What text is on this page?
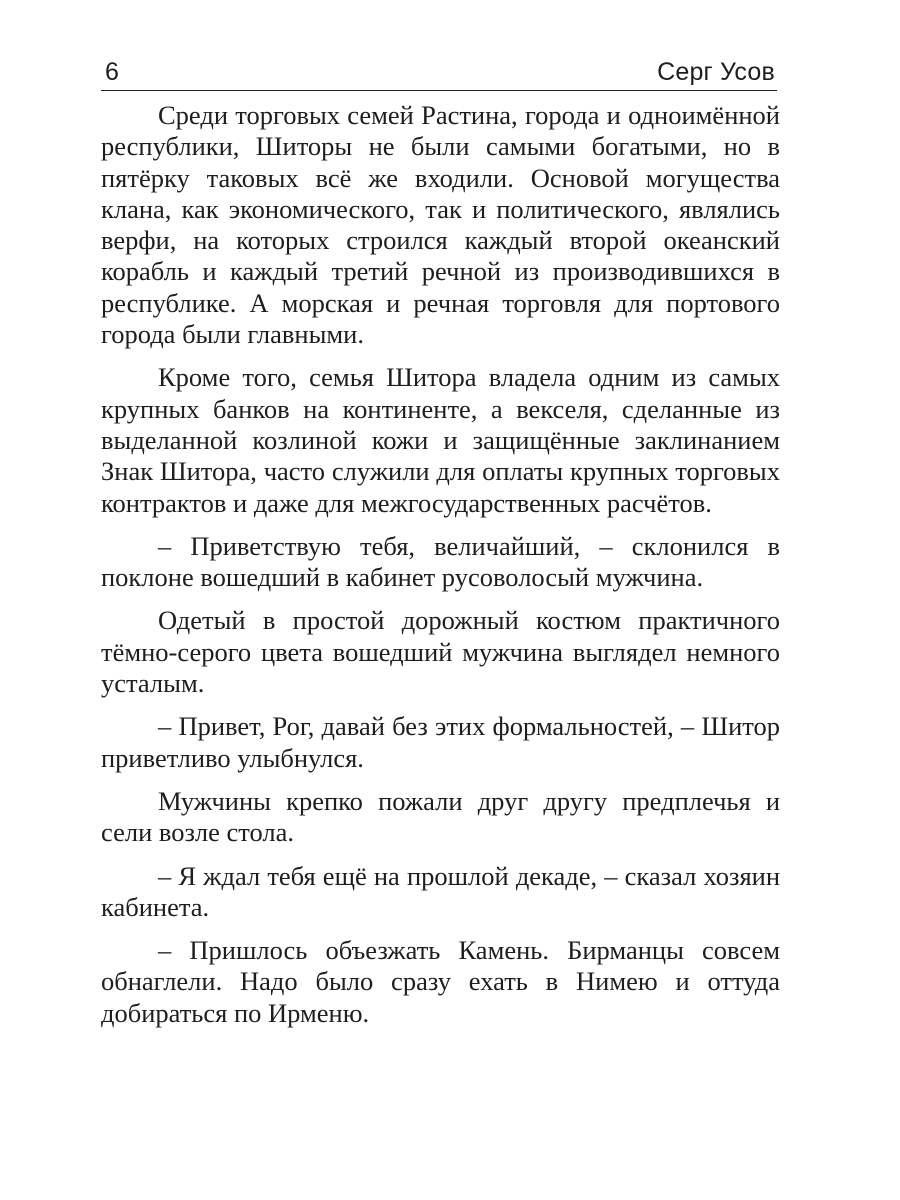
6	Серг Усов

Среди торговых семей Растина, города и одноимённой республики, Шиторы не были самыми богатыми, но в пятёрку таковых всё же входили. Основой могущества клана, как экономического, так и политического, являлись верфи, на которых строился каждый второй океанский корабль и каждый третий речной из производившихся в республике. А морская и речная торговля для портового города были главными.

Кроме того, семья Шитора владела одним из самых крупных банков на континенте, а векселя, сделанные из выделанной козлиной кожи и защищённые заклинанием Знак Шитора, часто служили для оплаты крупных торговых контрактов и даже для межгосударственных расчётов.

– Приветствую тебя, величайший, – склонился в поклоне вошедший в кабинет русоволосый мужчина.

Одетый в простой дорожный костюм практичного тёмно-серого цвета вошедший мужчина выглядел немного усталым.

– Привет, Рог, давай без этих формальностей, – Шитор приветливо улыбнулся.

Мужчины крепко пожали друг другу предплечья и сели возле стола.

– Я ждал тебя ещё на прошлой декаде, – сказал хозяин кабинета.

– Пришлось объезжать Камень. Бирманцы совсем обнаглели. Надо было сразу ехать в Нимею и оттуда добираться по Ирменю.
